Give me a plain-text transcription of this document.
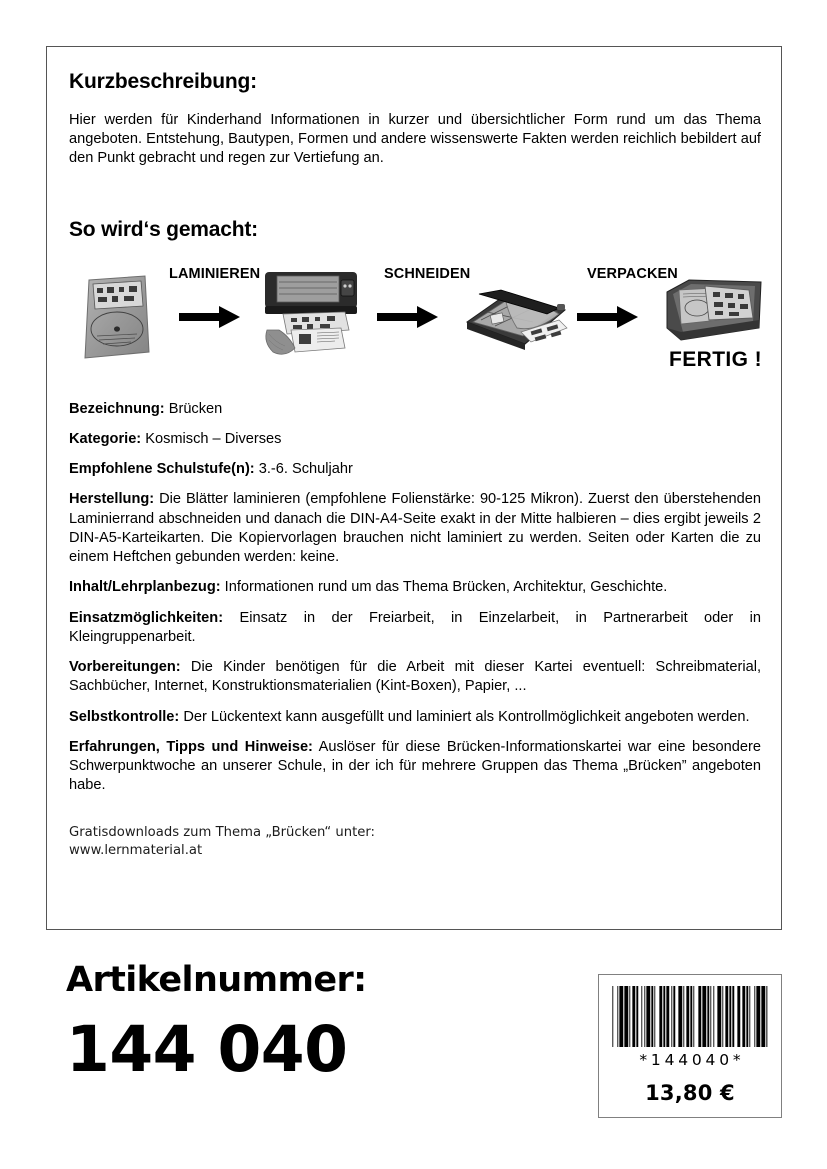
Kurzbeschreibung:

Hier werden für Kinderhand Informationen in kurzer und übersichtlicher Form rund um das Thema angeboten. Entstehung, Bautypen, Formen und andere wissenswerte Fakten werden reichlich bebildert auf den Punkt gebracht und regen zur Vertiefung an.

So wird‘s gemacht:
LAMINIEREN	SCHNEIDEN	VERPACKEN
FERTIG !

Bezeichnung: Brücken

Kategorie: Kosmisch – Diverses

Empfohlene Schulstufe(n): 3.-6. Schuljahr

Herstellung: Die Blätter laminieren (empfohlene Folienstärke: 90-125 Mikron). Zuerst den überstehenden Laminierrand abschneiden und danach die DIN-A4-Seite exakt in der Mitte halbieren – dies ergibt jeweils 2 DIN-A5-Karteikarten. Die Kopiervorlagen brauchen nicht laminiert zu werden. Seiten oder Karten die zu einem Heftchen gebunden werden: keine.

Inhalt/Lehrplanbezug: Informationen rund um das Thema Brücken, Architektur, Geschichte.

Einsatzmöglichkeiten: Einsatz in der Freiarbeit, in Einzelarbeit, in Partnerarbeit oder in Kleingruppenarbeit.

Vorbereitungen: Die Kinder benötigen für die Arbeit mit dieser Kartei eventuell: Schreibmaterial, Sachbücher, Internet, Konstruktionsmaterialien (Kint-Boxen), Papier, ...

Selbstkontrolle: Der Lückentext kann ausgefüllt und laminiert als Kontrollmöglichkeit angeboten werden.

Erfahrungen, Tipps und Hinweise: Auslöser für diese Brücken-Informationskartei war eine besondere Schwerpunktwoche an unserer Schule, in der ich für mehrere Gruppen das Thema „Brücken” angeboten habe.

Gratisdownloads zum Thema „Brücken“ unter:
www.lernmaterial.at
Artikelnummer:
144 040	*144040*
13,80 €
